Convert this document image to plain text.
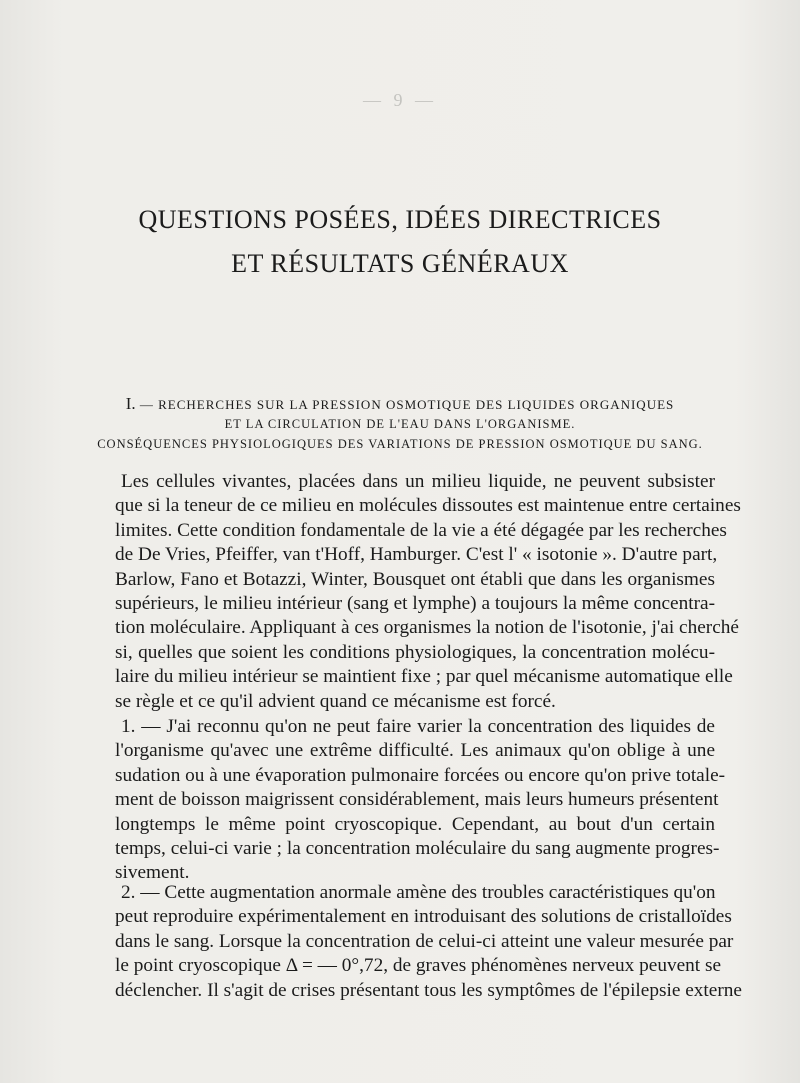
— 9 —
QUESTIONS POSÉES, IDÉES DIRECTRICES
ET RÉSULTATS GÉNÉRAUX
I. — RECHERCHES SUR LA PRESSION OSMOTIQUE DES LIQUIDES ORGANIQUES
ET LA CIRCULATION DE L'EAU DANS L'ORGANISME.
CONSÉQUENCES PHYSIOLOGIQUES DES VARIATIONS DE PRESSION OSMOTIQUE DU SANG.
Les cellules vivantes, placées dans un milieu liquide, ne peuvent subsister
que si la teneur de ce milieu en molécules dissoutes est maintenue entre certaines
limites. Cette condition fondamentale de la vie a été dégagée par les recherches
de De Vries, Pfeiffer, van t'Hoff, Hamburger. C'est l' « isotonie ». D'autre part,
Barlow, Fano et Botazzi, Winter, Bousquet ont établi que dans les organismes
supérieurs, le milieu intérieur (sang et lymphe) a toujours la même concentra-
tion moléculaire. Appliquant à ces organismes la notion de l'isotonie, j'ai cherché
si, quelles que soient les conditions physiologiques, la concentration molécu-
laire du milieu intérieur se maintient fixe ; par quel mécanisme automatique elle
se règle et ce qu'il advient quand ce mécanisme est forcé.
1. — J'ai reconnu qu'on ne peut faire varier la concentration des liquides de
l'organisme qu'avec une extrême difficulté. Les animaux qu'on oblige à une
sudation ou à une évaporation pulmonaire forcées ou encore qu'on prive totale-
ment de boisson maigrissent considérablement, mais leurs humeurs présentent
longtemps le même point cryoscopique. Cependant, au bout d'un certain
temps, celui-ci varie ; la concentration moléculaire du sang augmente progres-
sivement.
2. — Cette augmentation anormale amène des troubles caractéristiques qu'on
peut reproduire expérimentalement en introduisant des solutions de cristalloïdes
dans le sang. Lorsque la concentration de celui-ci atteint une valeur mesurée par
le point cryoscopique Δ = — 0°,72, de graves phénomènes nerveux peuvent se
déclencher. Il s'agit de crises présentant tous les symptômes de l'épilepsie externe
